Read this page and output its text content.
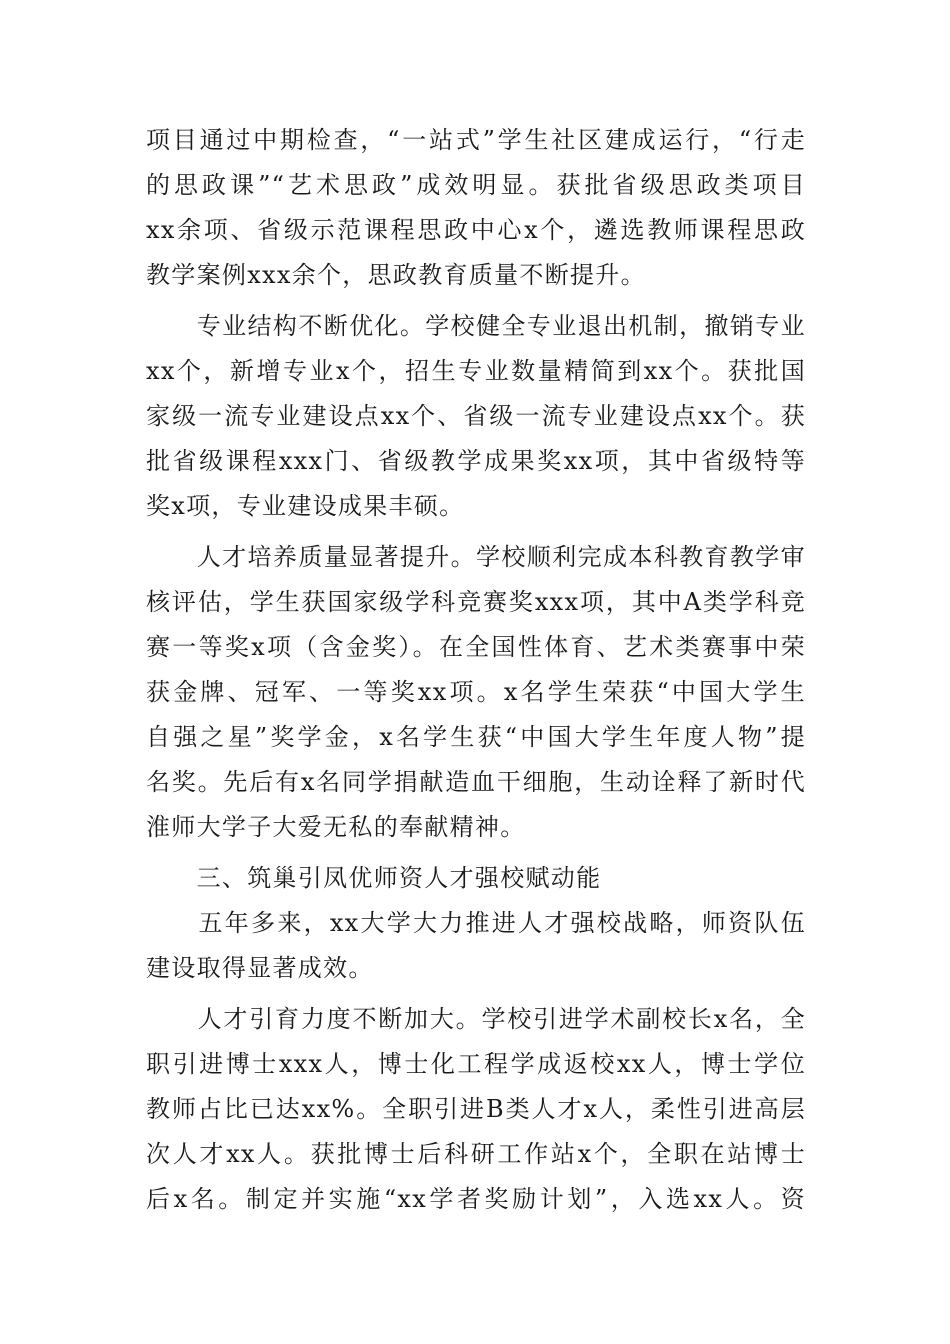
项目通过中期检查，“一站式”学生社区建成运行，“行走
的思政课”“艺术思政”成效明显。获批省级思政类项目
xx余项、省级示范课程思政中心x个，遴选教师课程思政
教学案例xxx余个，思政教育质量不断提升。
　　专业结构不断优化。学校健全专业退出机制，撤销专业
xx个，新增专业x个，招生专业数量精简到xx个。获批国
家级一流专业建设点xx个、省级一流专业建设点xx个。获
批省级课程xxx门、省级教学成果奖xx项，其中省级特等
奖x项，专业建设成果丰硕。
　　人才培养质量显著提升。学校顺利完成本科教育教学审
核评估，学生获国家级学科竞赛奖xxx项，其中A类学科竞
赛一等奖x项（含金奖）。在全国性体育、艺术类赛事中荣
获金牌、冠军、一等奖xx项。x名学生荣获“中国大学生
自强之星”奖学金，x名学生获“中国大学生年度人物”提
名奖。先后有x名同学捐献造血干细胞，生动诠释了新时代
淮师大学子大爱无私的奉献精神。
　　三、筑巢引凤优师资人才强校赋动能
　　五年多来，xx大学大力推进人才强校战略，师资队伍
建设取得显著成效。
　　人才引育力度不断加大。学校引进学术副校长x名，全
职引进博士xxx人，博士化工程学成返校xx人，博士学位
教师占比已达xx%。全职引进B类人才x人，柔性引进高层
次人才xx人。获批博士后科研工作站x个，全职在站博士
后x名。制定并实施“xx学者奖励计划”，入选xx人。资
